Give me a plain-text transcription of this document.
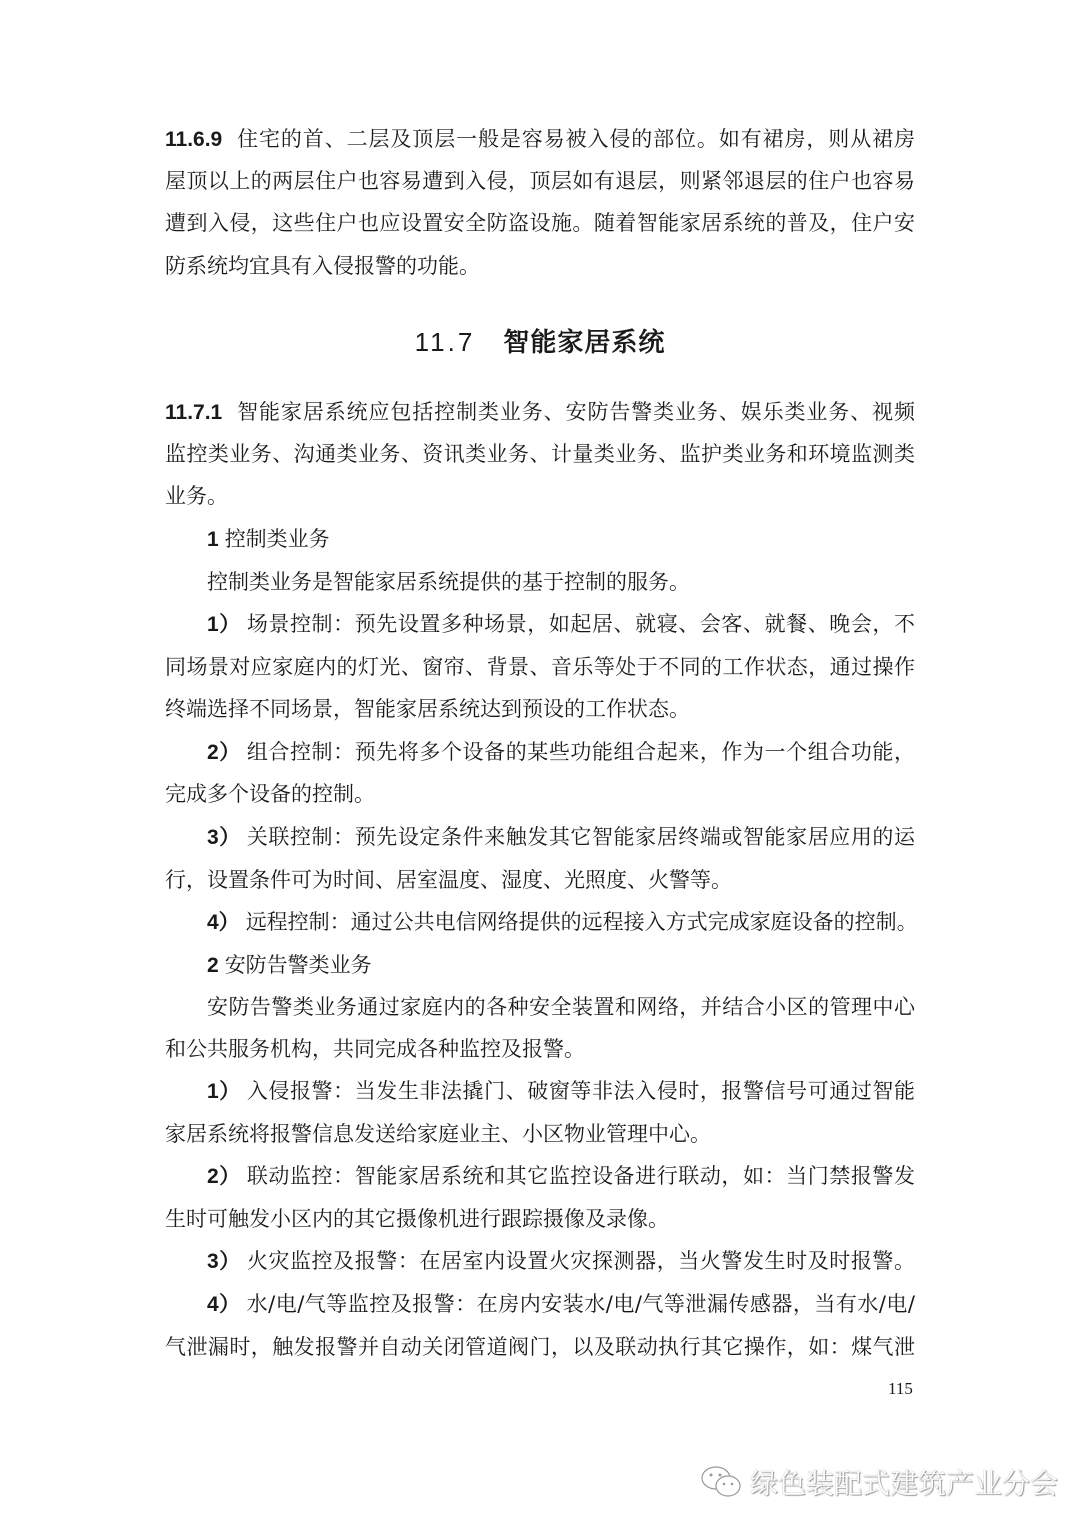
11.6.9 住宅的首、二层及顶层一般是容易被入侵的部位。如有裙房，则从裙房
屋顶以上的两层住户也容易遭到入侵，顶层如有退层，则紧邻退层的住户也容易
遭到入侵，这些住户也应设置安全防盗设施。随着智能家居系统的普及，住户安
防系统均宜具有入侵报警的功能。
11.7.1 智能家居系统应包括控制类业务、安防告警类业务、娱乐类业务、视频
监控类业务、沟通类业务、资讯类业务、计量类业务、监护类业务和环境监测类
业务。
1 控制类业务
控制类业务是智能家居系统提供的基于控制的服务。
1） 场景控制：预先设置多种场景，如起居、就寝、会客、就餐、晚会，不
同场景对应家庭内的灯光、窗帘、背景、音乐等处于不同的工作状态，通过操作
终端选择不同场景，智能家居系统达到预设的工作状态。
2） 组合控制：预先将多个设备的某些功能组合起来，作为一个组合功能，
完成多个设备的控制。
3） 关联控制：预先设定条件来触发其它智能家居终端或智能家居应用的运
行，设置条件可为时间、居室温度、湿度、光照度、火警等。
4） 远程控制：通过公共电信网络提供的远程接入方式完成家庭设备的控制。
2 安防告警类业务
安防告警类业务通过家庭内的各种安全装置和网络，并结合小区的管理中心
和公共服务机构，共同完成各种监控及报警。
1） 入侵报警：当发生非法撬门、破窗等非法入侵时，报警信号可通过智能
家居系统将报警信息发送给家庭业主、小区物业管理中心。
2） 联动监控：智能家居系统和其它监控设备进行联动，如：当门禁报警发
生时可触发小区内的其它摄像机进行跟踪摄像及录像。
3） 火灾监控及报警：在居室内设置火灾探测器，当火警发生时及时报警。
4） 水/电/气等监控及报警：在房内安装水/电/气等泄漏传感器，当有水/电/
气泄漏时，触发报警并自动关闭管道阀门，以及联动执行其它操作，如：煤气泄
11.7 智能家居系统
115
绿色装配式建筑产业分会
